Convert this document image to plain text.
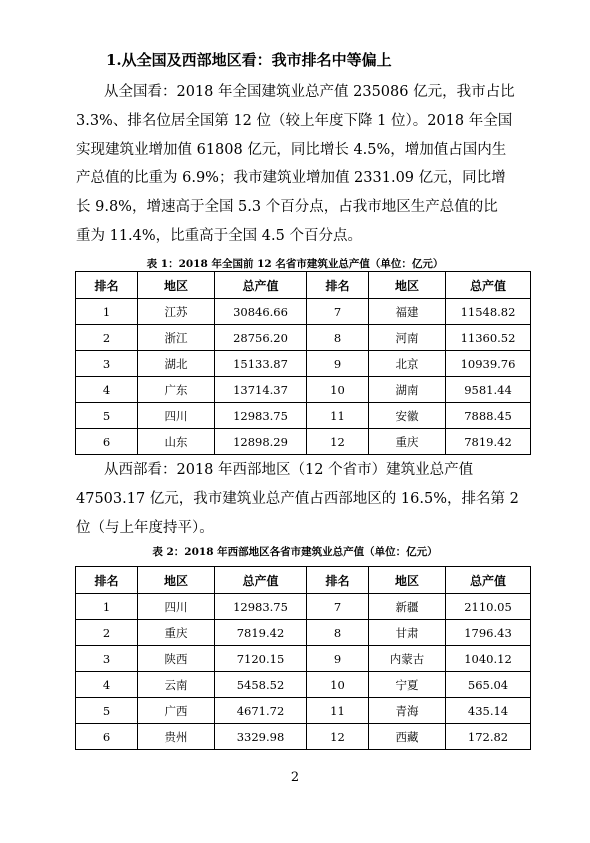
1.从全国及西部地区看：我市排名中等偏上
从全国看：2018 年全国建筑业总产值 235086 亿元，我市占比
3.3%、排名位居全国第 12 位（较上年度下降 1 位）。2018 年全国
实现建筑业增加值 61808 亿元，同比增长 4.5%，增加值占国内生
产总值的比重为 6.9%；我市建筑业增加值 2331.09 亿元，同比增
长 9.8%，增速高于全国 5.3 个百分点，占我市地区生产总值的比
重为 11.4%，比重高于全国 4.5 个百分点。
表 1：2018 年全国前 12 名省市建筑业总产值（单位：亿元）
排名	地区	总产值	排名	地区	总产值
1	江苏	30846.66	7	福建	11548.82
2	浙江	28756.20	8	河南	11360.52
3	湖北	15133.87	9	北京	10939.76
4	广东	13714.37	10	湖南	9581.44
5	四川	12983.75	11	安徽	7888.45
6	山东	12898.29	12	重庆	7819.42
从西部看：2018 年西部地区（12 个省市）建筑业总产值
47503.17 亿元，我市建筑业总产值占西部地区的 16.5%，排名第 2
位（与上年度持平）。
表 2：2018 年西部地区各省市建筑业总产值（单位：亿元）
排名	地区	总产值	排名	地区	总产值
1	四川	12983.75	7	新疆	2110.05
2	重庆	7819.42	8	甘肃	1796.43
3	陕西	7120.15	9	内蒙古	1040.12
4	云南	5458.52	10	宁夏	565.04
5	广西	4671.72	11	青海	435.14
6	贵州	3329.98	12	西藏	172.82
2
